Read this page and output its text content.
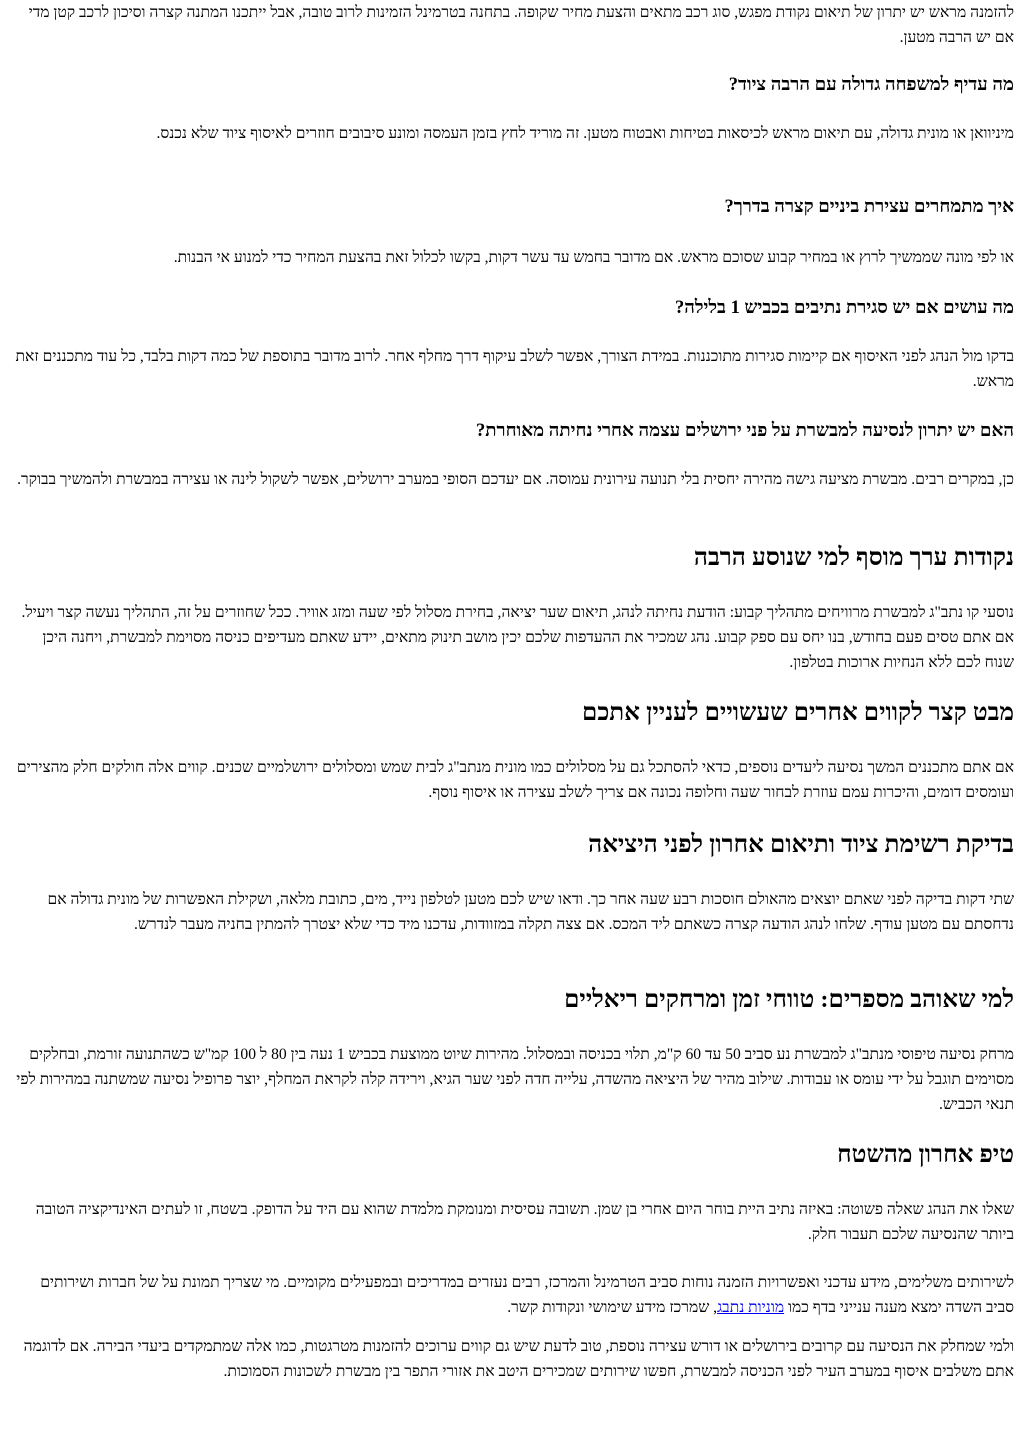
להזמנה מראש יש יתרון של תיאום נקודת מפגש, סוג רכב מתאים והצעת מחיר שקופה. בתחנה בטרמינל הזמינות לרוב טובה, אבל ייתכנו המתנה קצרה וסיכון לרכב קטן מדי אם יש הרבה מטען.

מה עדיף למשפחה גדולה עם הרבה ציוד?

מיניוואן או מונית גדולה, עם תיאום מראש לכיסאות בטיחות ואבטוח מטען. זה מוריד לחץ בזמן העמסה ומונע סיבובים חוזרים לאיסוף ציוד שלא נכנס.

איך מתמחרים עצירת ביניים קצרה בדרך?

או לפי מונה שממשיך לרוץ או במחיר קבוע שסוכם מראש. אם מדובר בחמש עד עשר דקות, בקשו לכלול זאת בהצעת המחיר כדי למנוע אי הבנות.

מה עושים אם יש סגירת נתיבים בכביש 1 בלילה?

בדקו מול הנהג לפני האיסוף אם קיימות סגירות מתוכננות. במידת הצורך, אפשר לשלב עיקוף דרך מחלף אחר. לרוב מדובר בתוספת של כמה דקות בלבד, כל עוד מתכננים זאת מראש.

האם יש יתרון לנסיעה למבשרת על פני ירושלים עצמה אחרי נחיתה מאוחרת?

כן, במקרים רבים. מבשרת מציעה גישה מהירה יחסית בלי תנועה עירונית עמוסה. אם יעדכם הסופי במערב ירושלים, אפשר לשקול לינה או עצירה במבשרת ולהמשיך בבוקר.

נקודות ערך מוסף למי שנוסע הרבה

נוסעי קו נתב"ג למבשרת מרוויחים מתהליך קבוע: הודעת נחיתה לנהג, תיאום שער יציאה, בחירת מסלול לפי שעה ומזג אוויר. ככל שחוזרים על זה, התהליך נעשה קצר ויעיל. אם אתם טסים פעם בחודש, בנו יחס עם ספק קבוע. נהג שמכיר את ההעדפות שלכם יכין מושב תינוק מתאים, יידע שאתם מעדיפים כניסה מסוימת למבשרת, ויחנה היכן שנוח לכם ללא הנחיות ארוכות בטלפון.

מבט קצר לקווים אחרים שעשויים לעניין אתכם

אם אתם מתכננים המשך נסיעה ליעדים נוספים, כדאי להסתכל גם על מסלולים כמו מונית מנתב"ג לבית שמש ומסלולים ירושלמיים שכנים. קווים אלה חולקים חלק מהצירים ועומסים דומים, והיכרות עמם עוזרת לבחור שעה וחלופה נכונה אם צריך לשלב עצירה או איסוף נוסף.

בדיקת רשימת ציוד ותיאום אחרון לפני היציאה

שתי דקות בדיקה לפני שאתם יוצאים מהאולם חוסכות רבע שעה אחר כך. ודאו שיש לכם מטען לטלפון נייד, מים, כתובת מלאה, ושקילת האפשרות של מונית גדולה אם נדחסתם עם מטען עודף. שלחו לנהג הודעה קצרה כשאתם ליד המכס. אם צצה תקלה במזוודות, עדכנו מיד כדי שלא יצטרך להמתין בחניה מעבר לנדרש.

למי שאוהב מספרים: טווחי זמן ומרחקים ריאליים

מרחק נסיעה טיפוסי מנתב"ג למבשרת נע סביב 50 עד 60 ק"מ, תלוי בכניסה ובמסלול. מהירות שיוט ממוצעת בכביש 1 נעה בין 80 ל 100 קמ"ש כשהתנועה זורמת, ובחלקים מסוימים תוגבל על ידי עומס או עבודות. שילוב מהיר של היציאה מהשדה, עלייה חדה לפני שער הגיא, וירידה קלה לקראת המחלף, יוצר פרופיל נסיעה שמשתנה במהירות לפי תנאי הכביש.

טיפ אחרון מהשטח

שאלו את הנהג שאלה פשוטה: באיזה נתיב היית בוחר היום אחרי בן שמן. תשובה עסיסית ומנומקת מלמדת שהוא עם היד על הדופק. בשטח, זו לעתים האינדיקציה הטובה ביותר שהנסיעה שלכם תעבור חלק.

לשירותים משלימים, מידע עדכני ואפשרויות הזמנה נוחות סביב הטרמינל והמרכז, רבים נעזרים במדריכים ובמפעילים מקומיים. מי שצריך תמונת על של חברות ושירותים סביב השדה ימצא מענה ענייני בדף כמו מוניות נתבג, שמרכז מידע שימושי ונקודות קשר.

ולמי שמחלק את הנסיעה עם קרובים בירושלים או דורש עצירה נוספת, טוב לדעת שיש גם קווים ערוכים להזמנות מטרגטות, כמו אלה שמתמקדים ביעדי הבירה. אם לדוגמה אתם משלבים איסוף במערב העיר לפני הכניסה למבשרת, חפשו שירותים שמכירים היטב את אזורי התפר בין מבשרת לשכונות הסמוכות.
